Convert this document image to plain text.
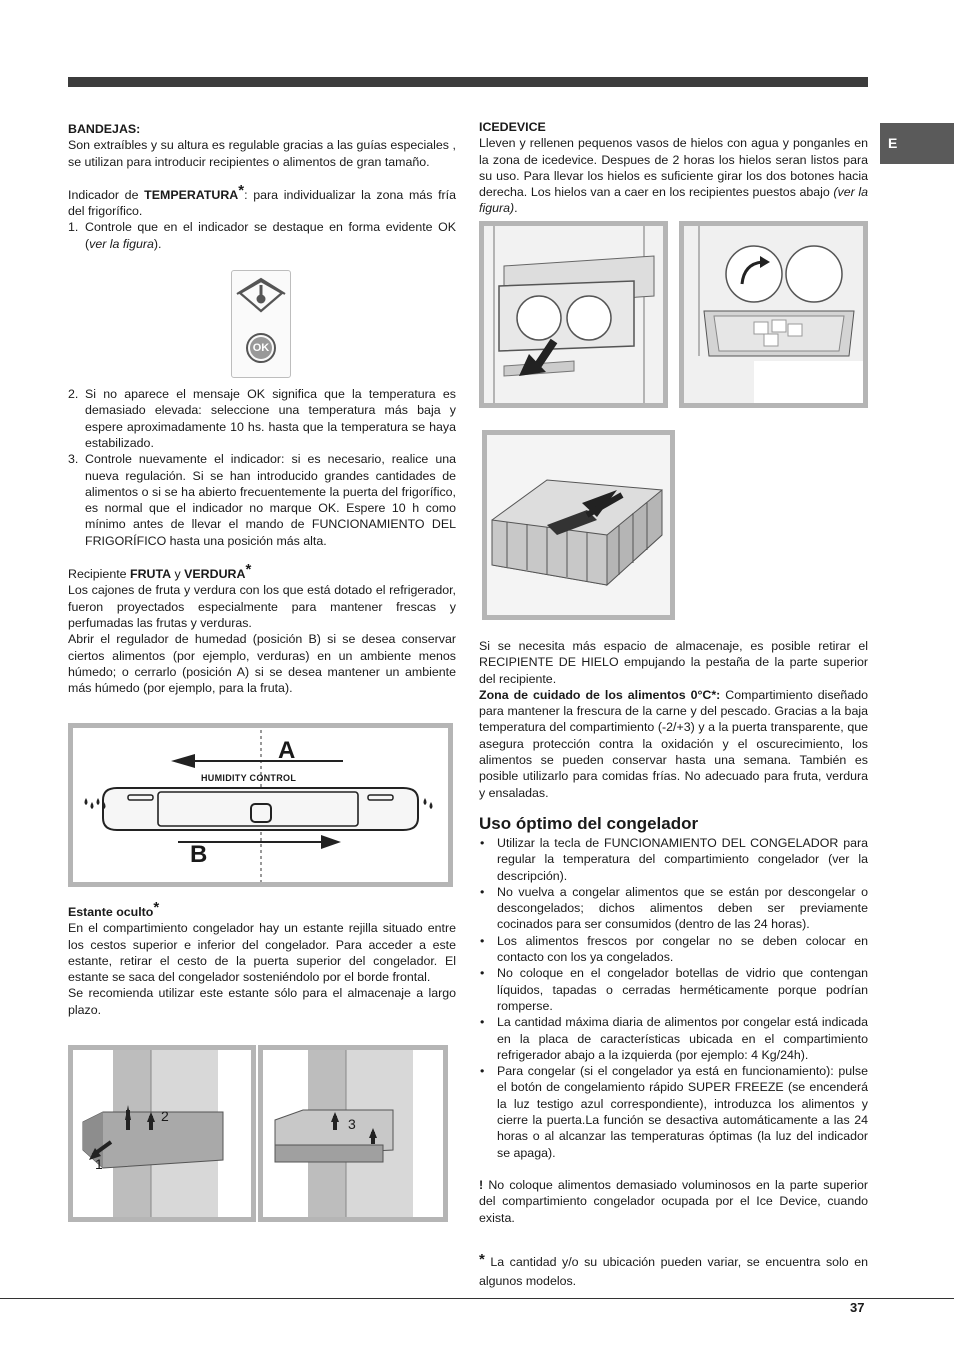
E

BANDEJAS:

Son extraíbles y su altura es regulable gracias a las guías especiales , se utilizan para introducir recipientes o alimentos de gran tamaño.

Indicador de TEMPERATURA*: para individualizar la zona más fría del frigorífico.

1. Controle que en el indicador se destaque en forma evidente OK (ver la figura).
OK
2. Si no aparece el mensaje OK significa que la temperatura es demasiado elevada: seleccione una temperatura más baja y espere aproximadamente 10 hs. hasta que la temperatura se haya estabilizado.
3. Controle nuevamente el indicador: si es necesario, realice una nueva regulación. Si se han introducido grandes cantidades de alimentos o si se ha abierto frecuentemente la puerta del frigorífico, es normal que el indicador no marque OK. Espere 10 h como mínimo antes de llevar el mando de FUNCIONAMIENTO DEL FRIGORÍFICO hasta una posición más alta.

Recipiente FRUTA y VERDURA*

Los cajones de fruta y verdura con los que está dotado el refrigerador, fueron proyectados especialmente para mantener frescas y perfumadas las frutas y verduras.

Abrir el regulador de humedad (posición B) si se desea conservar ciertos alimentos (por ejemplo, verduras) en un ambiente menos húmedo; o cerrarlo (posición A) si se desea mantener un ambiente más húmedo (por ejemplo, para la fruta).

HUMIDITY CONTROL
A
B

Estante oculto*

En el compartimiento congelador hay un estante rejilla situado entre los cestos superior e inferior del congelador. Para acceder a este estante, retirar el cesto de la puerta superior del congelador. El estante se saca del congelador sosteniéndolo por el borde frontal.

Se recomienda utilizar este estante sólo para el almacenaje a largo plazo.

2
1
3

ICEDEVICE

Lleven y rellenen pequenos vasos de hielos con agua y ponganles en la zona de icedevice. Despues de 2 horas los hielos seran listos para su uso. Para llevar los hielos es suficiente girar los dos botones hacia derecha. Los hielos van a caer en los recipientes puestos abajo (ver la figura).

Si se necesita más espacio de almacenaje, es posible retirar el RECIPIENTE DE HIELO empujando la pestaña de la parte superior del recipiente.

Zona de cuidado de los alimentos 0°C*: Compartimiento diseñado para mantener la frescura de la carne y del pescado. Gracias a la baja temperatura del compartimiento (-2/+3) y a la puerta transparente, que asegura protección contra la oxidación y el oscurecimiento, los alimentos se pueden conservar hasta una semana. También es posible utilizarlo para comidas frías. No adecuado para fruta, verdura y ensaladas.

Uso óptimo del congelador
• Utilizar la tecla de FUNCIONAMIENTO DEL CONGELADOR para regular la temperatura del compartimiento congelador (ver la descripción).
• No vuelva a congelar alimentos que se están por descongelar o descongelados; dichos alimentos deben ser previamente cocinados para ser consumidos (dentro de las 24 horas).
• Los alimentos frescos por congelar no se deben colocar en contacto con los ya congelados.
• No coloque en el congelador botellas de vidrio que contengan líquidos, tapadas o cerradas herméticamente porque podrían romperse.
• La cantidad máxima diaria de alimentos por congelar está indicada en la placa de características ubicada en el compartimiento refrigerador abajo a la izquierda (por ejemplo: 4 Kg/24h).
• Para congelar (si el congelador ya está en funcionamiento): pulse el botón de congelamiento rápido SUPER FREEZE (se encenderá la luz testigo azul correspondiente), introduzca los alimentos y cierre la puerta.La función se desactiva automáticamente a las 24 horas o al alcanzar las temperaturas óptimas (la luz del indicador se apaga).

! No coloque alimentos demasiado voluminosos en la parte superior del compartimiento congelador ocupada por el Ice Device, cuando exista.

* La cantidad y/o su ubicación pueden variar, se encuentra solo en algunos modelos.

37
